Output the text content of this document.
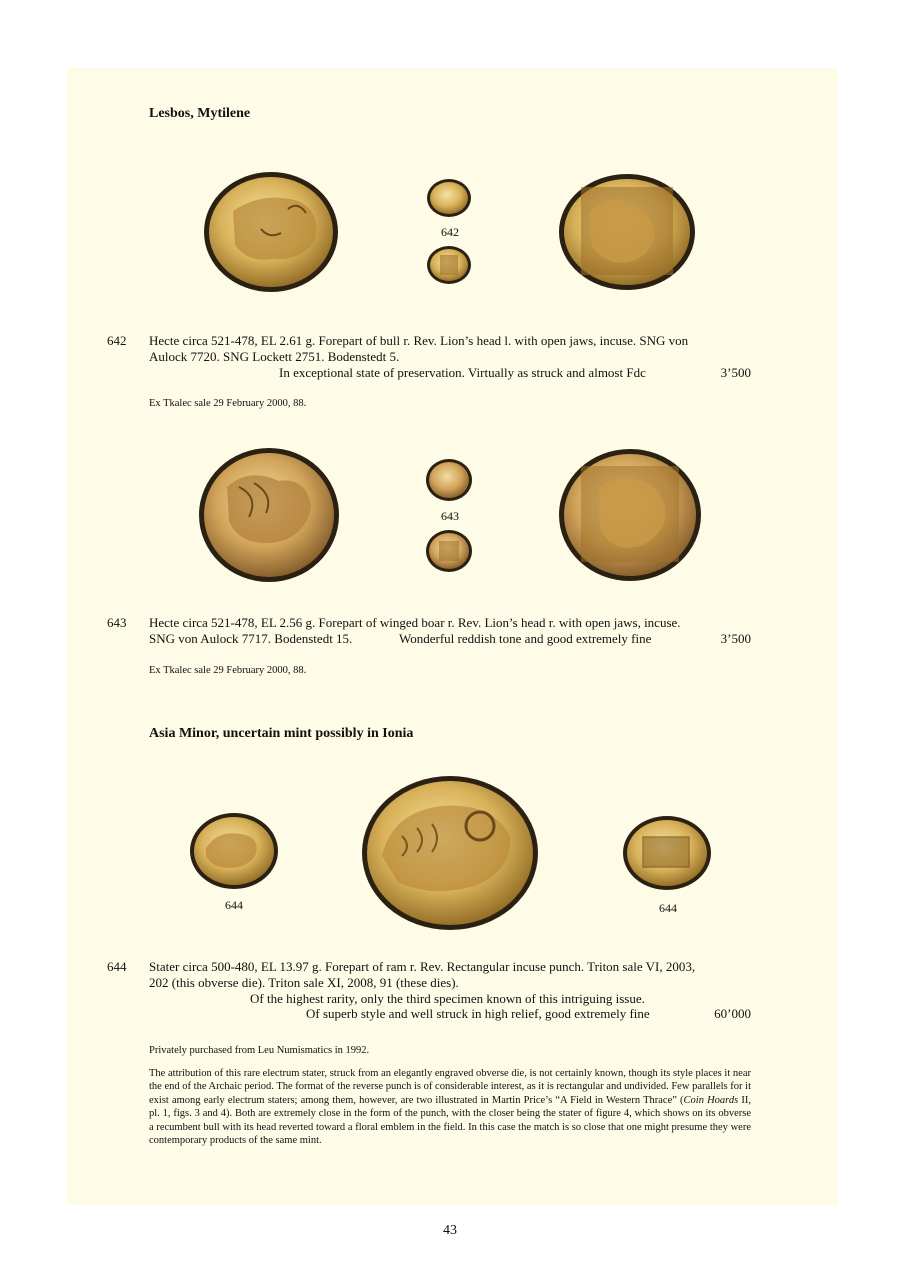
Lesbos, Mytilene
642
642 Hecte circa 521-478, EL 2.61 g. Forepart of bull r. Rev. Lion’s head l. with open jaws, incuse. SNG von
Aulock 7720. SNG Lockett 2751. Bodenstedt 5.
In exceptional state of preservation. Virtually as struck and almost Fdc	3’500
Ex Tkalec sale 29 February 2000, 88.
643
643 Hecte circa 521-478, EL 2.56 g. Forepart of winged boar r. Rev. Lion’s head r. with open jaws, incuse.
SNG von Aulock 7717. Bodenstedt 15.	Wonderful reddish tone and good extremely fine	3’500
Ex Tkalec sale 29 February 2000, 88.
Asia Minor, uncertain mint possibly in Ionia
644	644
644 Stater circa 500-480, EL 13.97 g. Forepart of ram r. Rev. Rectangular incuse punch. Triton sale VI, 2003,
202 (this obverse die). Triton sale XI, 2008, 91 (these dies).
Of the highest rarity, only the third specimen known of this intriguing issue.
Of superb style and well struck in high relief, good extremely fine	60’000
Privately purchased from Leu Numismatics in 1992.
The attribution of this rare electrum stater, struck from an elegantly engraved obverse die, is not certainly known, though its style places it near the end of the Archaic period. The format of the reverse punch is of considerable interest, as it is rectangular and undivided. Few parallels for it exist among early electrum staters; among them, however, are two illustrated in Martin Price’s “A Field in Western Thrace” (Coin Hoards II, pl. 1, figs. 3 and 4). Both are extremely close in the form of the punch, with the closer being the stater of figure 4, which shows on its obverse a recumbent bull with its head reverted toward a floral emblem in the field. In this case the match is so close that one might presume they were contemporary products of the same mint.
43
